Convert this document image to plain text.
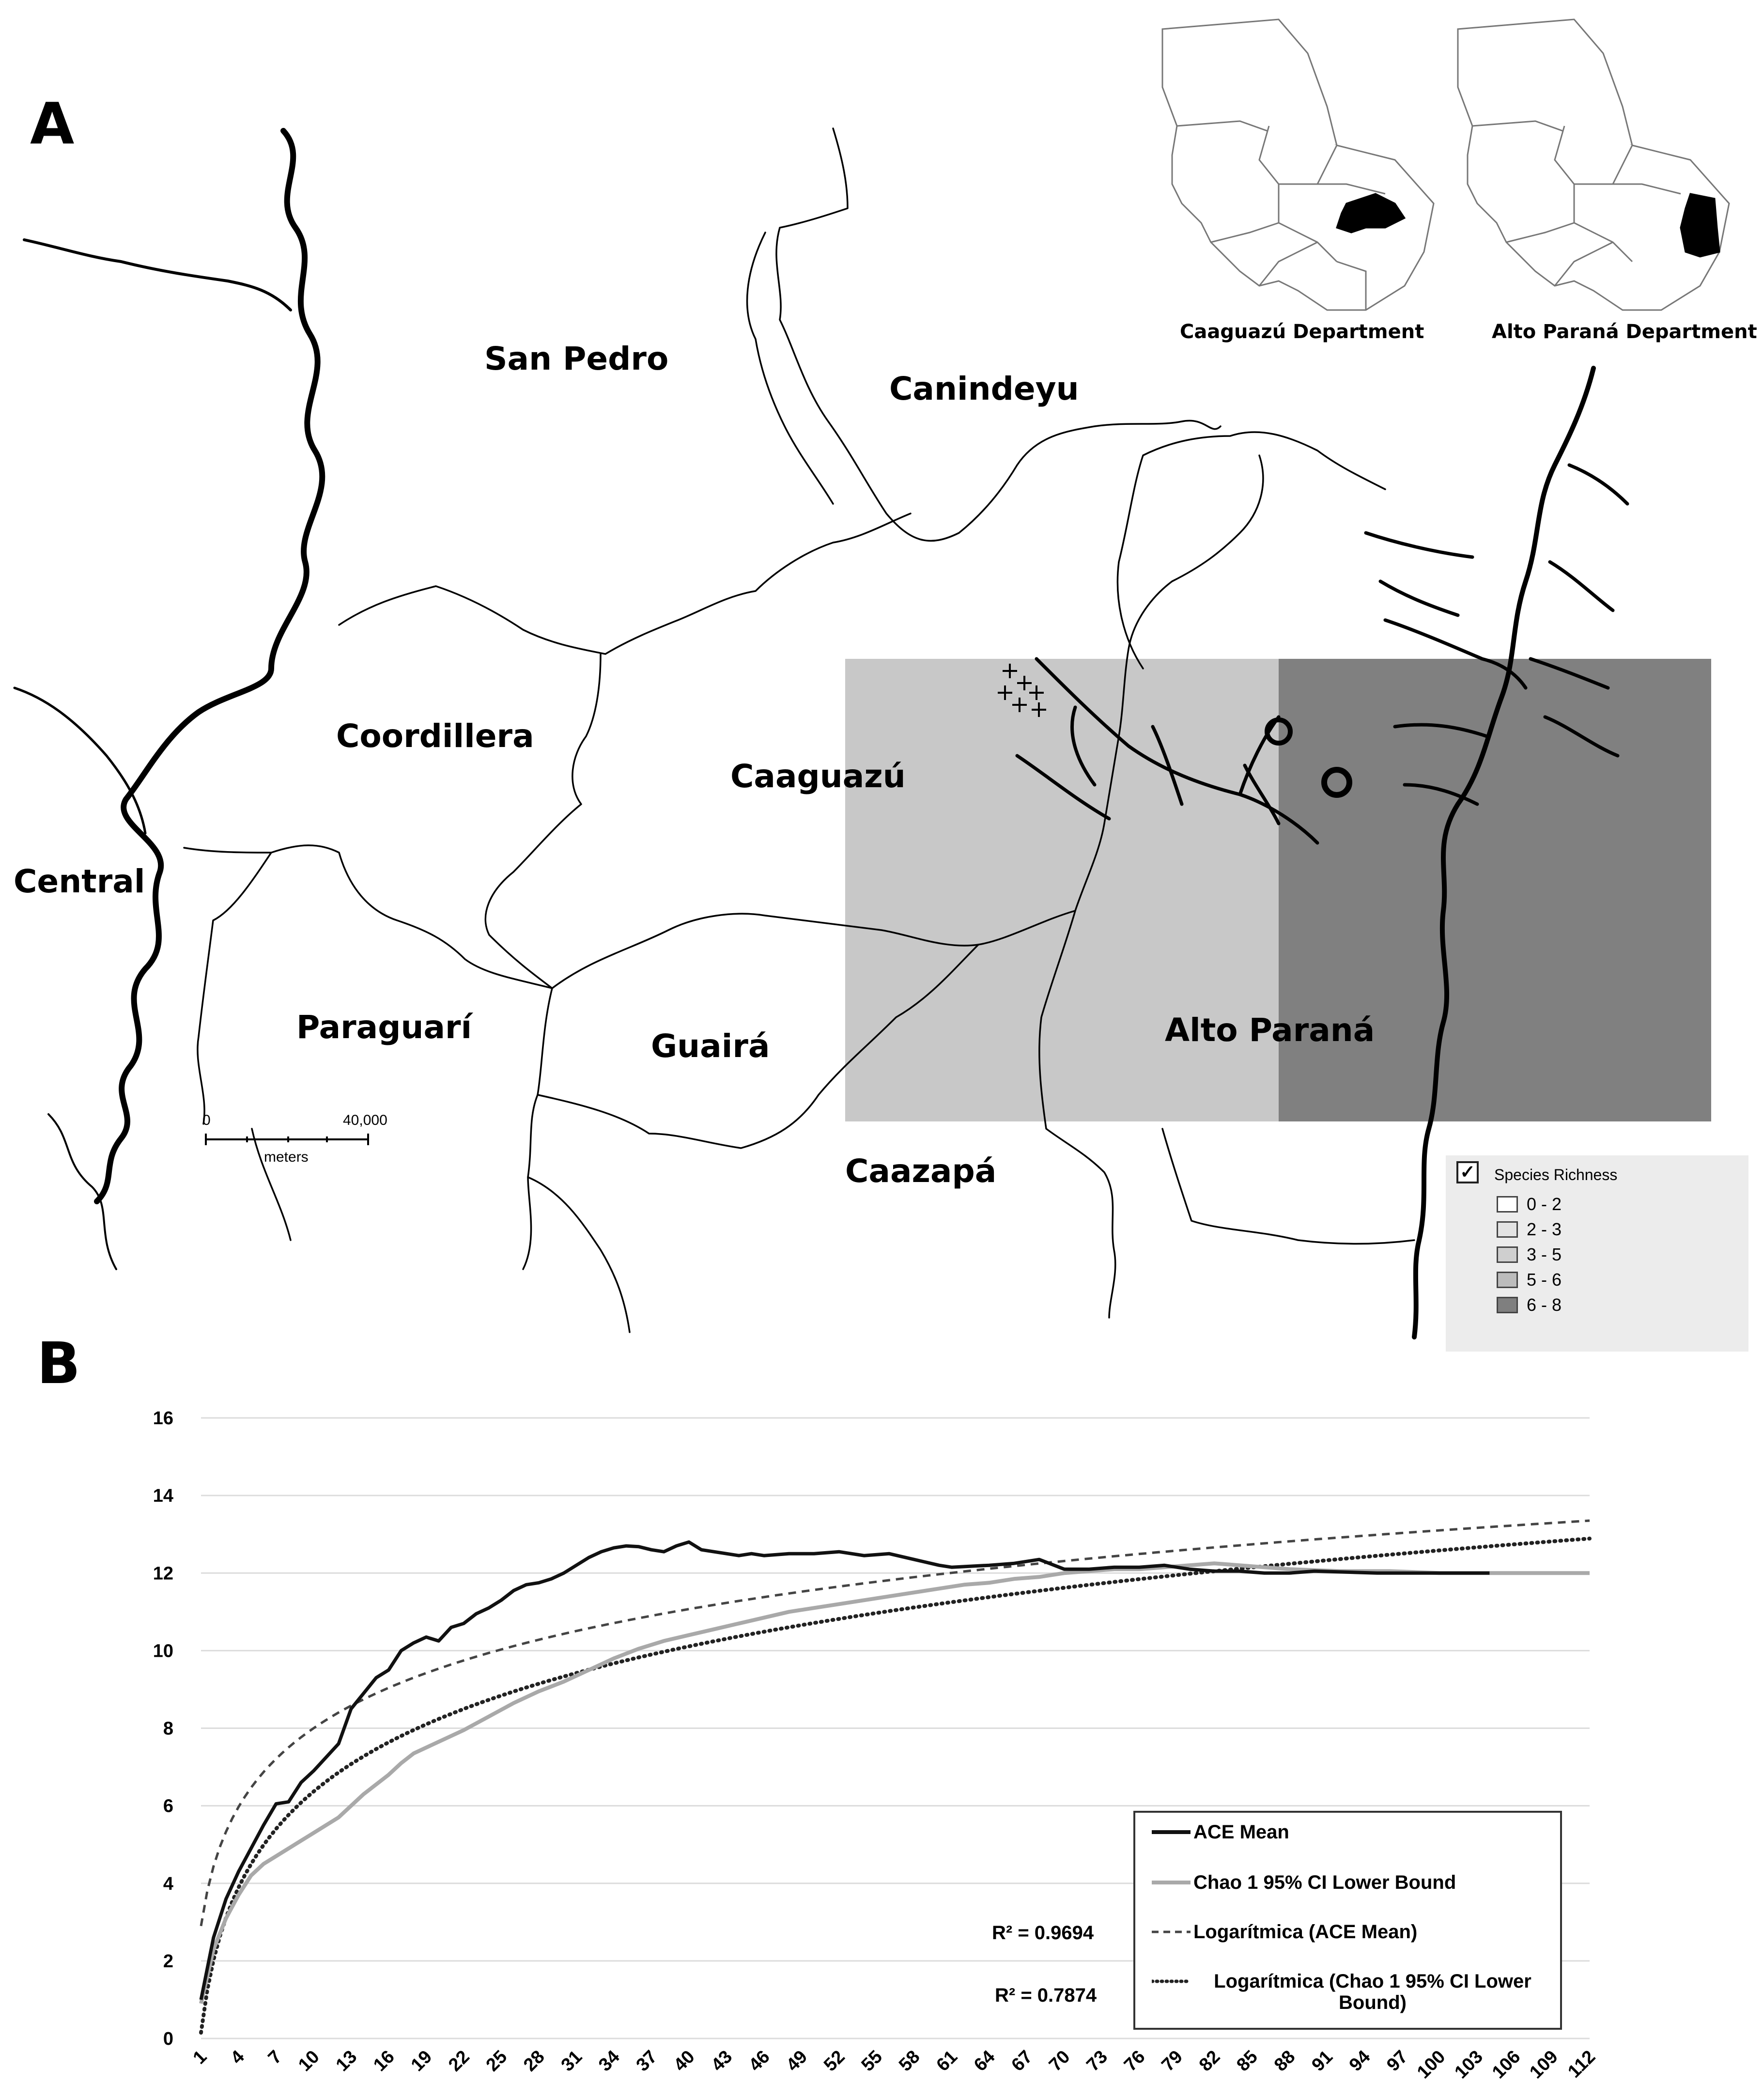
A
San Pedro
Canindeyu
Coordillera
Caaguazú
Central
Paraguarí
Guairá	Alto Paraná
Caazapá
Caaguazú Department	Alto Paraná Department
0	40,000
meters
✓ Species Richness
0 - 2
2 - 3
3 - 5
5 - 6
6 - 8
B
0
2
4
6
8
10
12
14
16
1 4 7 10 13 16 19 22 25 28 31 34 37 40 43 46 49 52 55 58 61 64 67 70 73 76 79 82 85 88 91 94 97 100 103 106 109 112
ACE Mean
Chao 1 95% CI Lower Bound
Logarítmica (ACE Mean)
Logarítmica (Chao 1 95% CI Lower Bound)
R² = 0.9694
R² = 0.7874
